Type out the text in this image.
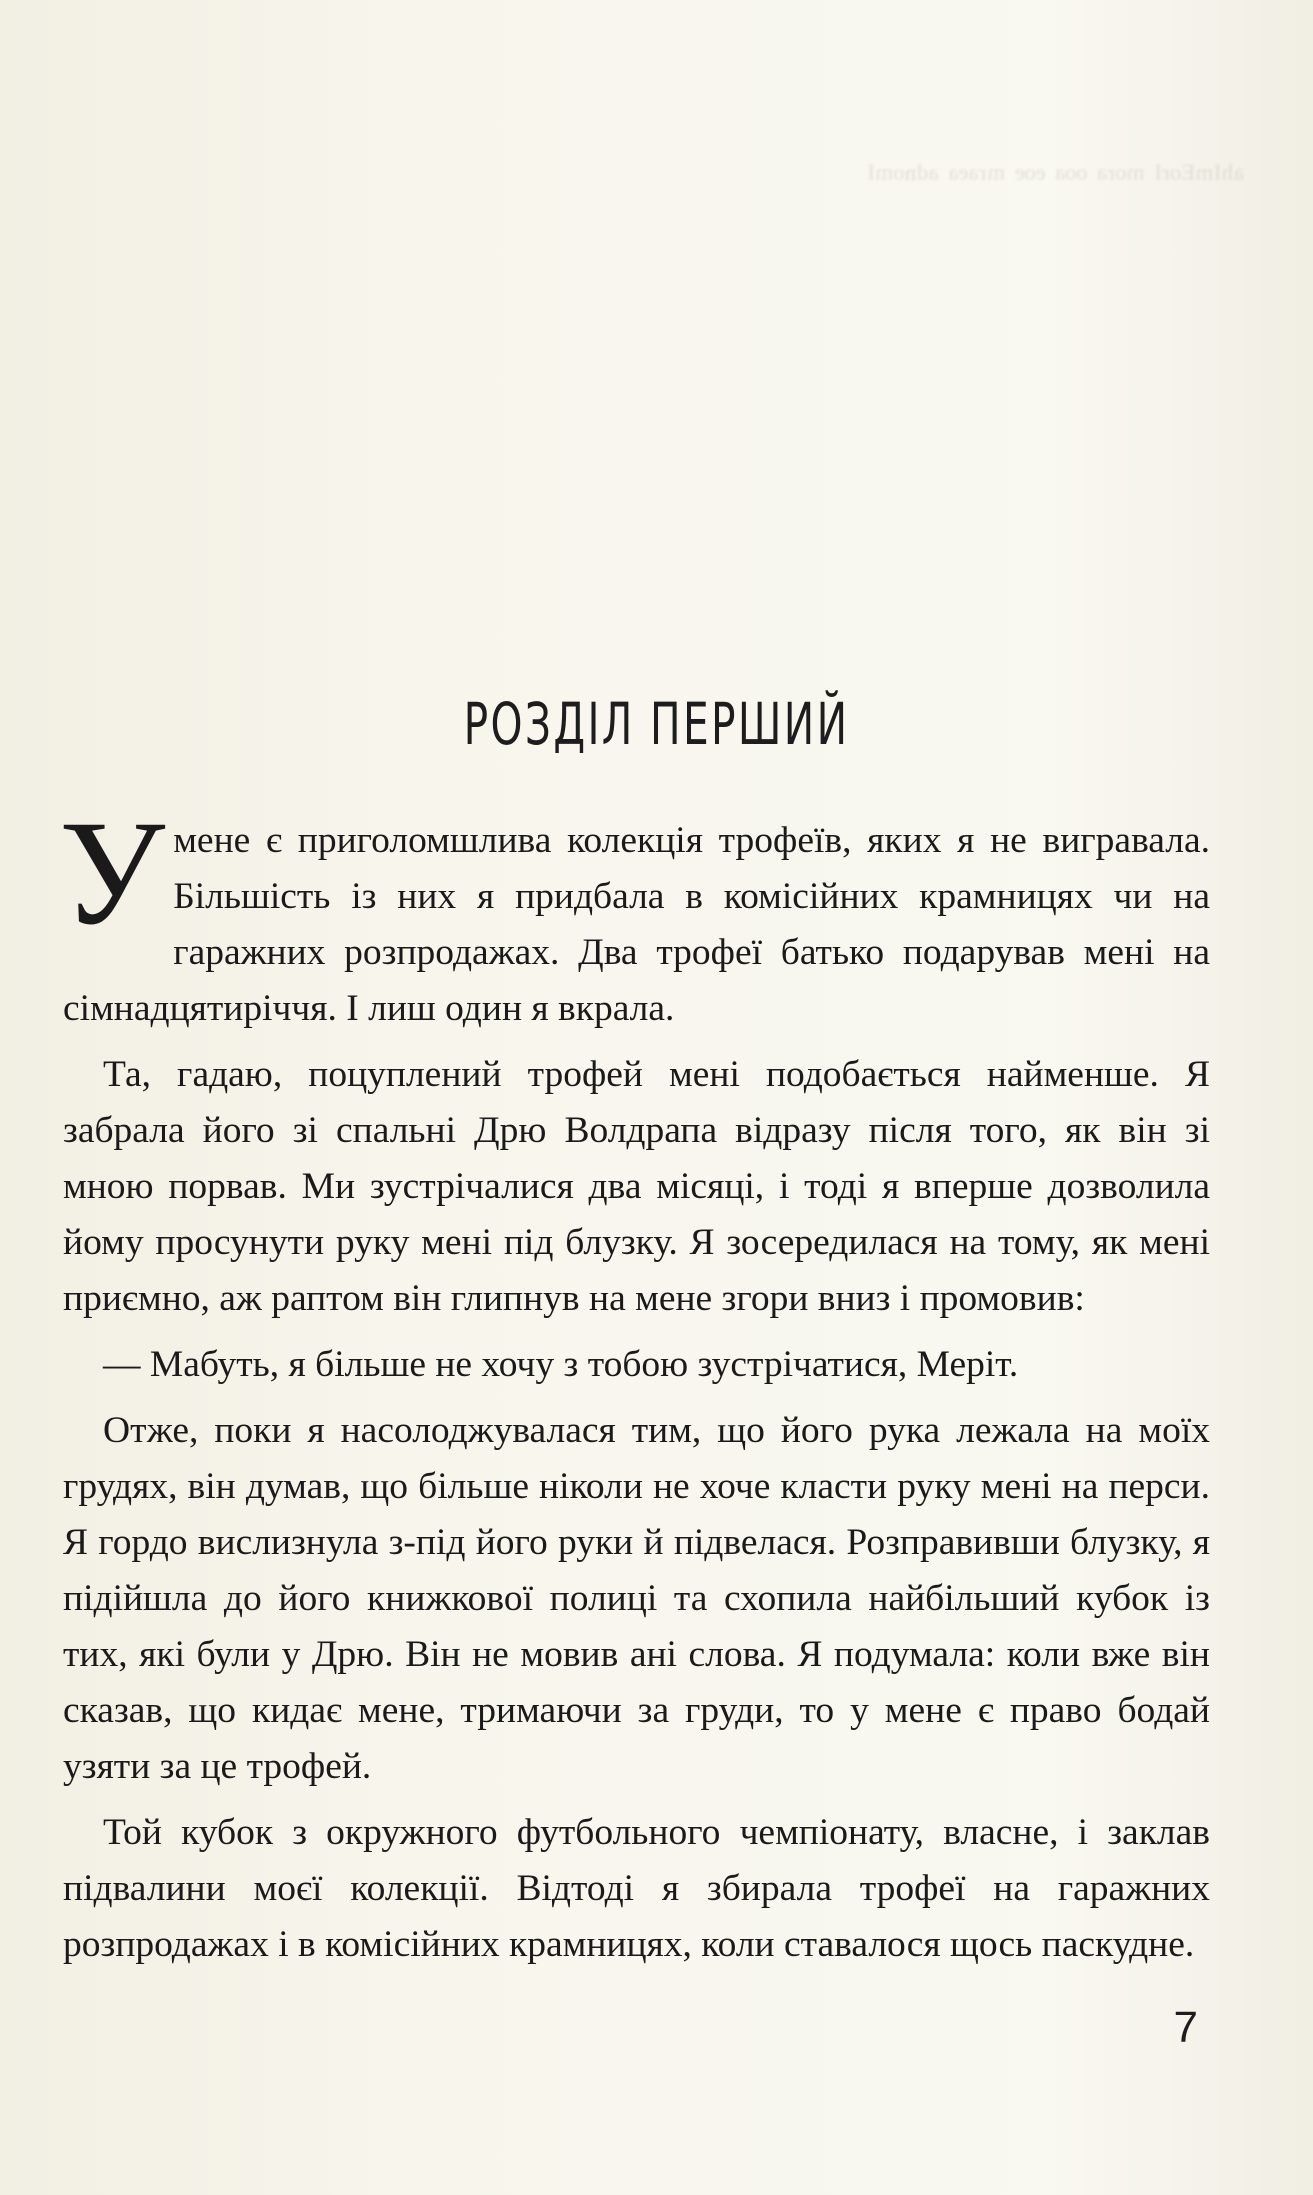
ᵃʰᴵᵐᴱᵒʳᴵ ᵐᵒʳᵃ ᵒᵒᵃ ᵉᵒᵉ ᵐʳᵃᵉᵃ ᵃᵈⁿᵒᵐᴵ
РОЗДІЛ ПЕРШИЙ

Умене є приголомшлива колекція трофеїв, яких я не вигравала. Більшість із них я придбала в комісійних крамницях чи на гаражних розпродажах. Два трофеї батько подарував мені на сімнадцятиріччя. І лиш один я вкрала.

Та, гадаю, поцуплений трофей мені подобається найменше. Я забрала його зі спальні Дрю Волдрапа відразу після того, як він зі мною порвав. Ми зустрічалися два місяці, і тоді я вперше дозволила йому просунути руку мені під блузку. Я зосередилася на тому, як мені приємно, аж раптом він глипнув на мене згори вниз і промовив:

— Мабуть, я більше не хочу з тобою зустрічатися, Меріт.

Отже, поки я насолоджувалася тим, що його рука лежала на моїх грудях, він думав, що більше ніколи не хоче класти руку мені на перси. Я гордо вислизнула з-під його руки й підвелася. Розправивши блузку, я підійшла до його книжкової полиці та схопила найбільший кубок із тих, які були у Дрю. Він не мовив ані слова. Я подумала: коли вже він сказав, що кидає мене, тримаючи за груди, то у мене є право бодай узяти за це трофей.

Той кубок з окружного футбольного чемпіонату, власне, і заклав підвалини моєї колекції. Відтоді я збирала трофеї на гаражних розпродажах і в комісійних крамницях, коли ставалося щось паскудне.

7
